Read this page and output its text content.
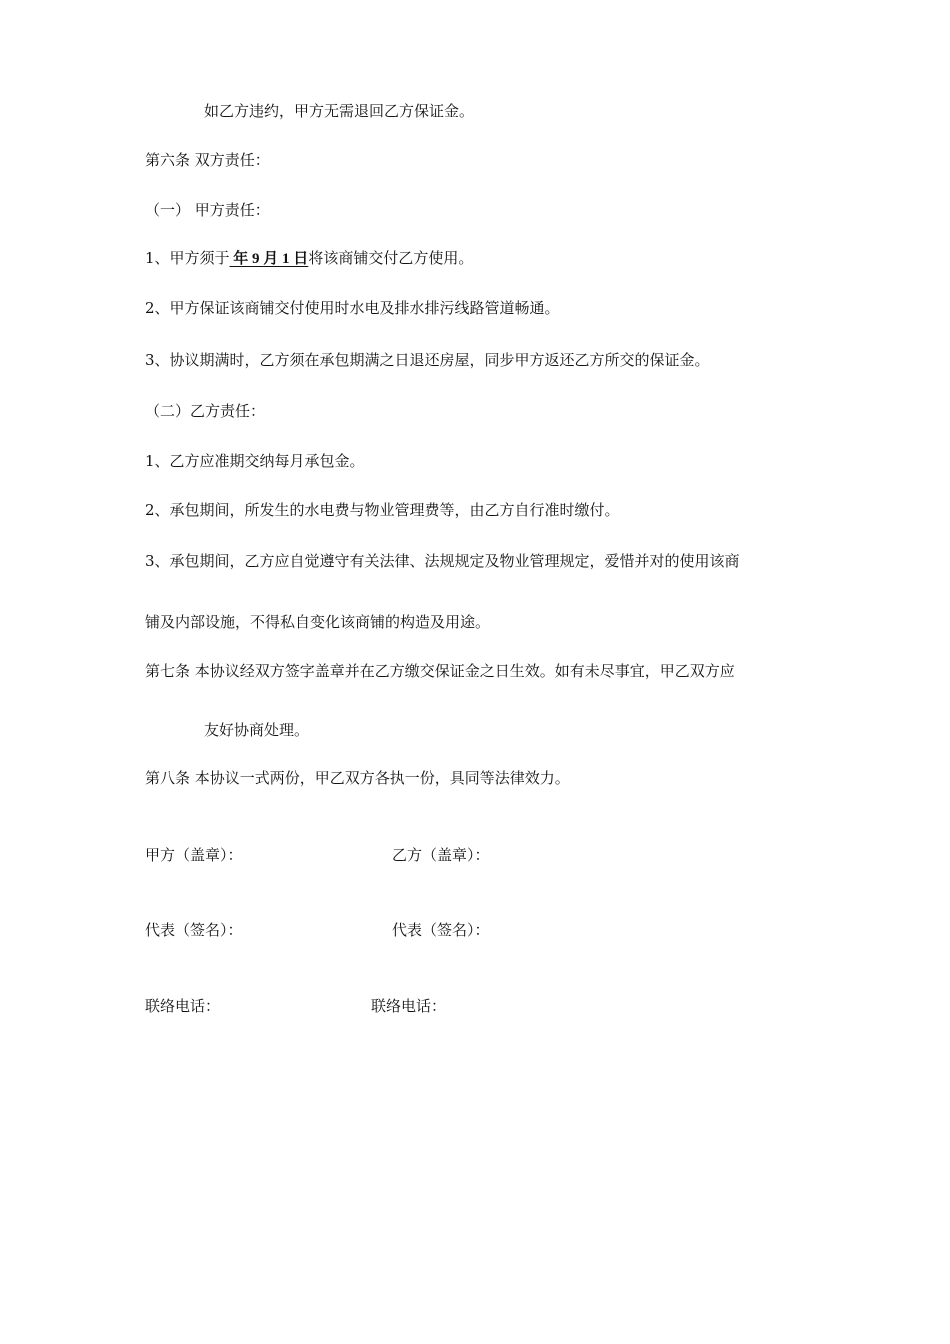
如乙方违约，甲方无需退回乙方保证金。
第六条 双方责任：
（一） 甲方责任：
1、甲方须于 年 9 月 1 日将该商铺交付乙方使用。
2、甲方保证该商铺交付使用时水电及排水排污线路管道畅通。
3、协议期满时，乙方须在承包期满之日退还房屋，同步甲方返还乙方所交的保证金。
（二）乙方责任：
1、乙方应准期交纳每月承包金。
2、承包期间，所发生的水电费与物业管理费等，由乙方自行准时缴付。
3、承包期间，乙方应自觉遵守有关法律、法规规定及物业管理规定，爱惜并对的使用该商
铺及内部设施，不得私自变化该商铺的构造及用途。
第七条 本协议经双方签字盖章并在乙方缴交保证金之日生效。如有未尽事宜，甲乙双方应
友好协商处理。
第八条 本协议一式两份，甲乙双方各执一份，具同等法律效力。
甲方（盖章）：	乙方（盖章）：
代表（签名）：	代表（签名）：
联络电话：	联络电话：
